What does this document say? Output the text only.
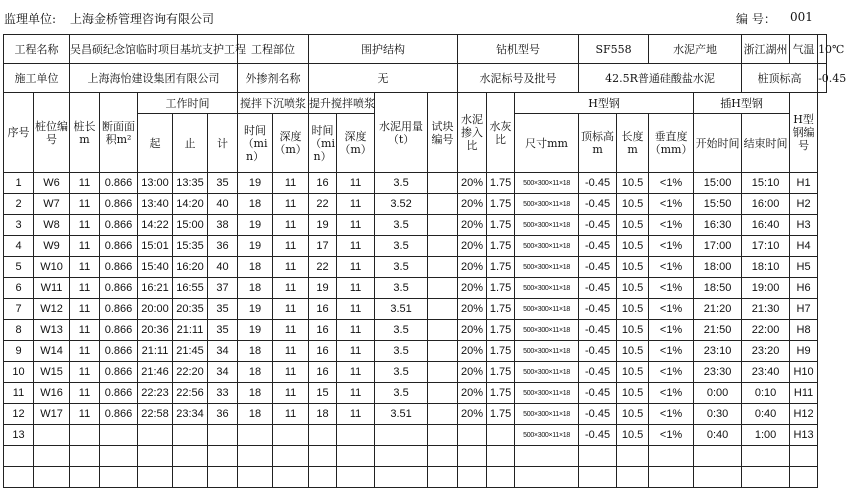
监理单位: 上海金桥管理咨询有限公司	编 号： 001
工程名称		吴昌硕纪念馆临时项目基坑支护工程					工程部位		围护结构				钻机型号			SF558		水泥产地		浙江湖州	气温	10℃
施工单位		上海海怡建设集团有限公司					外掺剂名称		无				水泥标号及批号			42.5R普通硅酸盐水泥				桩顶标高		-0.45
序号	桩位编号	桩长m	断面面积m²	工作时间			搅拌下沉喷浆		提升搅拌喷浆		水泥用量（t）	试块编号	水泥掺入比	水灰比	H型钢				插H型钢		H型钢编号	
				起	止	计	时间（min）	深度（m）	时间（min）	深度（m）					尺寸mm	顶标高m	长度m	垂直度（mm）	开始时间	结束时间		
1	W6	11	0.866	13:00	13:35	35	19	11	16	11	3.5		20%	1.75	500×300×11×18	-0.45	10.5	<1%	15:00	15:10	H1	
2	W7	11	0.866	13:40	14:20	40	18	11	22	11	3.52		20%	1.75	500×300×11×18	-0.45	10.5	<1%	15:50	16:00	H2	
3	W8	11	0.866	14:22	15:00	38	19	11	19	11	3.5		20%	1.75	500×300×11×18	-0.45	10.5	<1%	16:30	16:40	H3	
4	W9	11	0.866	15:01	15:35	36	19	11	17	11	3.5		20%	1.75	500×300×11×18	-0.45	10.5	<1%	17:00	17:10	H4	
5	W10	11	0.866	15:40	16:20	40	18	11	22	11	3.5		20%	1.75	500×300×11×18	-0.45	10.5	<1%	18:00	18:10	H5	
6	W11	11	0.866	16:21	16:55	37	18	11	19	11	3.5		20%	1.75	500×300×11×18	-0.45	10.5	<1%	18:50	19:00	H6	
7	W12	11	0.866	20:00	20:35	35	19	11	16	11	3.51		20%	1.75	500×300×11×18	-0.45	10.5	<1%	21:20	21:30	H7	
8	W13	11	0.866	20:36	21:11	35	19	11	16	11	3.5		20%	1.75	500×300×11×18	-0.45	10.5	<1%	21:50	22:00	H8	
9	W14	11	0.866	21:11	21:45	34	18	11	16	11	3.5		20%	1.75	500×300×11×18	-0.45	10.5	<1%	23:10	23:20	H9	
10	W15	11	0.866	21:46	22:20	34	18	11	16	11	3.5		20%	1.75	500×300×11×18	-0.45	10.5	<1%	23:30	23:40	H10	
11	W16	11	0.866	22:23	22:56	33	18	11	15	11	3.5		20%	1.75	500×300×11×18	-0.45	10.5	<1%	0:00	0:10	H11	
12	W17	11	0.866	22:58	23:34	36	18	11	18	11	3.51		20%	1.75	500×300×11×18	-0.45	10.5	<1%	0:30	0:40	H12	
13															500×300×11×18	-0.45	10.5	<1%	0:40	1:00	H13	
